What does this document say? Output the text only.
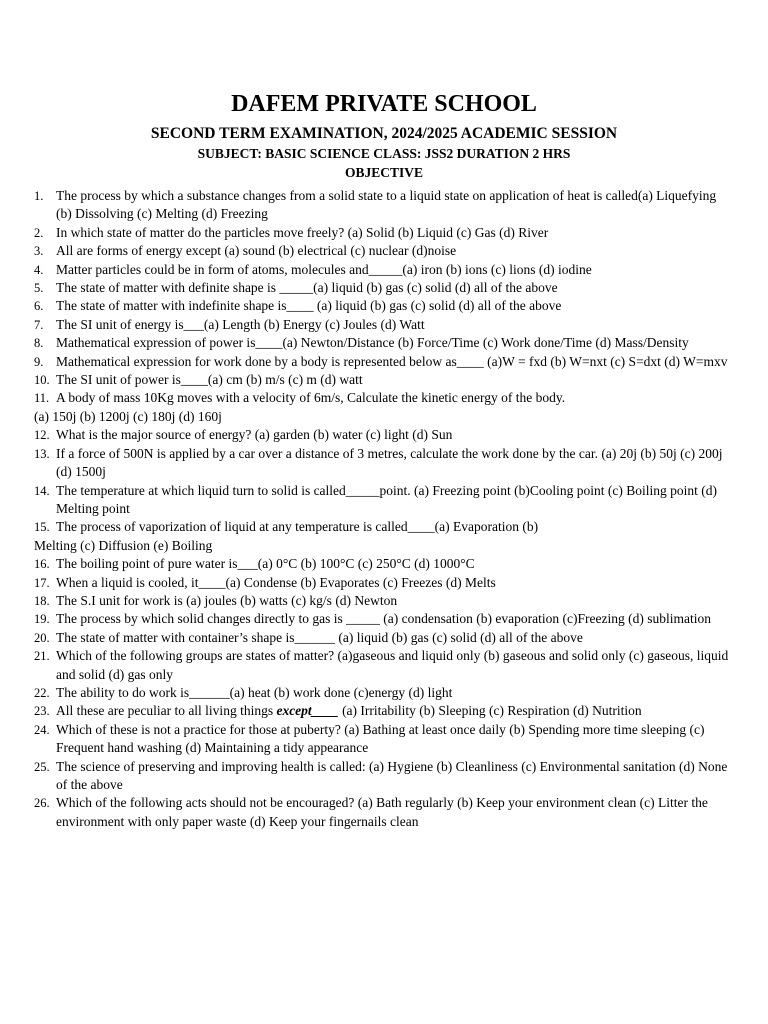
DAFEM PRIVATE SCHOOL
SECOND TERM EXAMINATION, 2024/2025 ACADEMIC SESSION
SUBJECT: BASIC SCIENCE CLASS: JSS2 DURATION 2 HRS
OBJECTIVE
1. The process by which a substance changes from a solid state to a liquid state on application of heat is called(a) Liquefying (b) Dissolving (c) Melting (d) Freezing
2. In which state of matter do the particles move freely? (a) Solid (b) Liquid (c) Gas (d) River
3. All are forms of energy except (a) sound (b) electrical (c) nuclear (d)noise
4. Matter particles could be in form of atoms, molecules and_____(a) iron (b) ions (c) lions (d) iodine
5. The state of matter with definite shape is _____(a) liquid (b) gas (c) solid (d) all of the above
6. The state of matter with indefinite shape is____ (a) liquid (b) gas (c) solid (d) all of the above
7. The SI unit of energy is___(a) Length (b) Energy (c) Joules (d) Watt
8. Mathematical expression of power is____(a) Newton/Distance (b) Force/Time (c) Work done/Time (d) Mass/Density
9. Mathematical expression for work done by a body is represented below as____ (a)W = fxd (b) W=nxt (c) S=dxt (d) W=mxv
10. The SI unit of power is____(a) cm (b) m/s (c) m (d) watt
11. A body of mass 10Kg moves with a velocity of 6m/s, Calculate the kinetic energy of the body.
(a) 150j (b) 1200j (c) 180j (d) 160j
12. What is the major source of energy? (a) garden (b) water (c) light (d) Sun
13. If a force of 500N is applied by a car over a distance of 3 metres, calculate the work done by the car. (a) 20j (b) 50j (c) 200j (d) 1500j
14. The temperature at which liquid turn to solid is called_____point. (a) Freezing point (b)Cooling point (c) Boiling point (d) Melting point
15. The process of vaporization of liquid at any temperature is called____(a) Evaporation (b)
Melting (c) Diffusion (e) Boiling
16. The boiling point of pure water is___(a) 0°C (b) 100°C (c) 250°C (d) 1000°C
17. When a liquid is cooled, it____(a) Condense (b) Evaporates (c) Freezes (d) Melts
18. The S.I unit for work is (a) joules (b) watts (c) kg/s (d) Newton
19. The process by which solid changes directly to gas is _____ (a) condensation (b) evaporation (c)Freezing (d) sublimation
20. The state of matter with container’s shape is______ (a) liquid (b) gas (c) solid (d) all of the above
21. Which of the following groups are states of matter? (a)gaseous and liquid only (b) gaseous and solid only (c) gaseous, liquid and solid (d) gas only
22. The ability to do work is______(a) heat (b) work done (c)energy (d) light
23. All these are peculiar to all living things except____ (a) Irritability (b) Sleeping (c) Respiration (d) Nutrition
24. Which of these is not a practice for those at puberty? (a) Bathing at least once daily (b) Spending more time sleeping (c) Frequent hand washing (d) Maintaining a tidy appearance
25. The science of preserving and improving health is called: (a) Hygiene (b) Cleanliness (c) Environmental sanitation (d) None of the above
26. Which of the following acts should not be encouraged? (a) Bath regularly (b) Keep your environment clean (c) Litter the environment with only paper waste (d) Keep your fingernails clean
